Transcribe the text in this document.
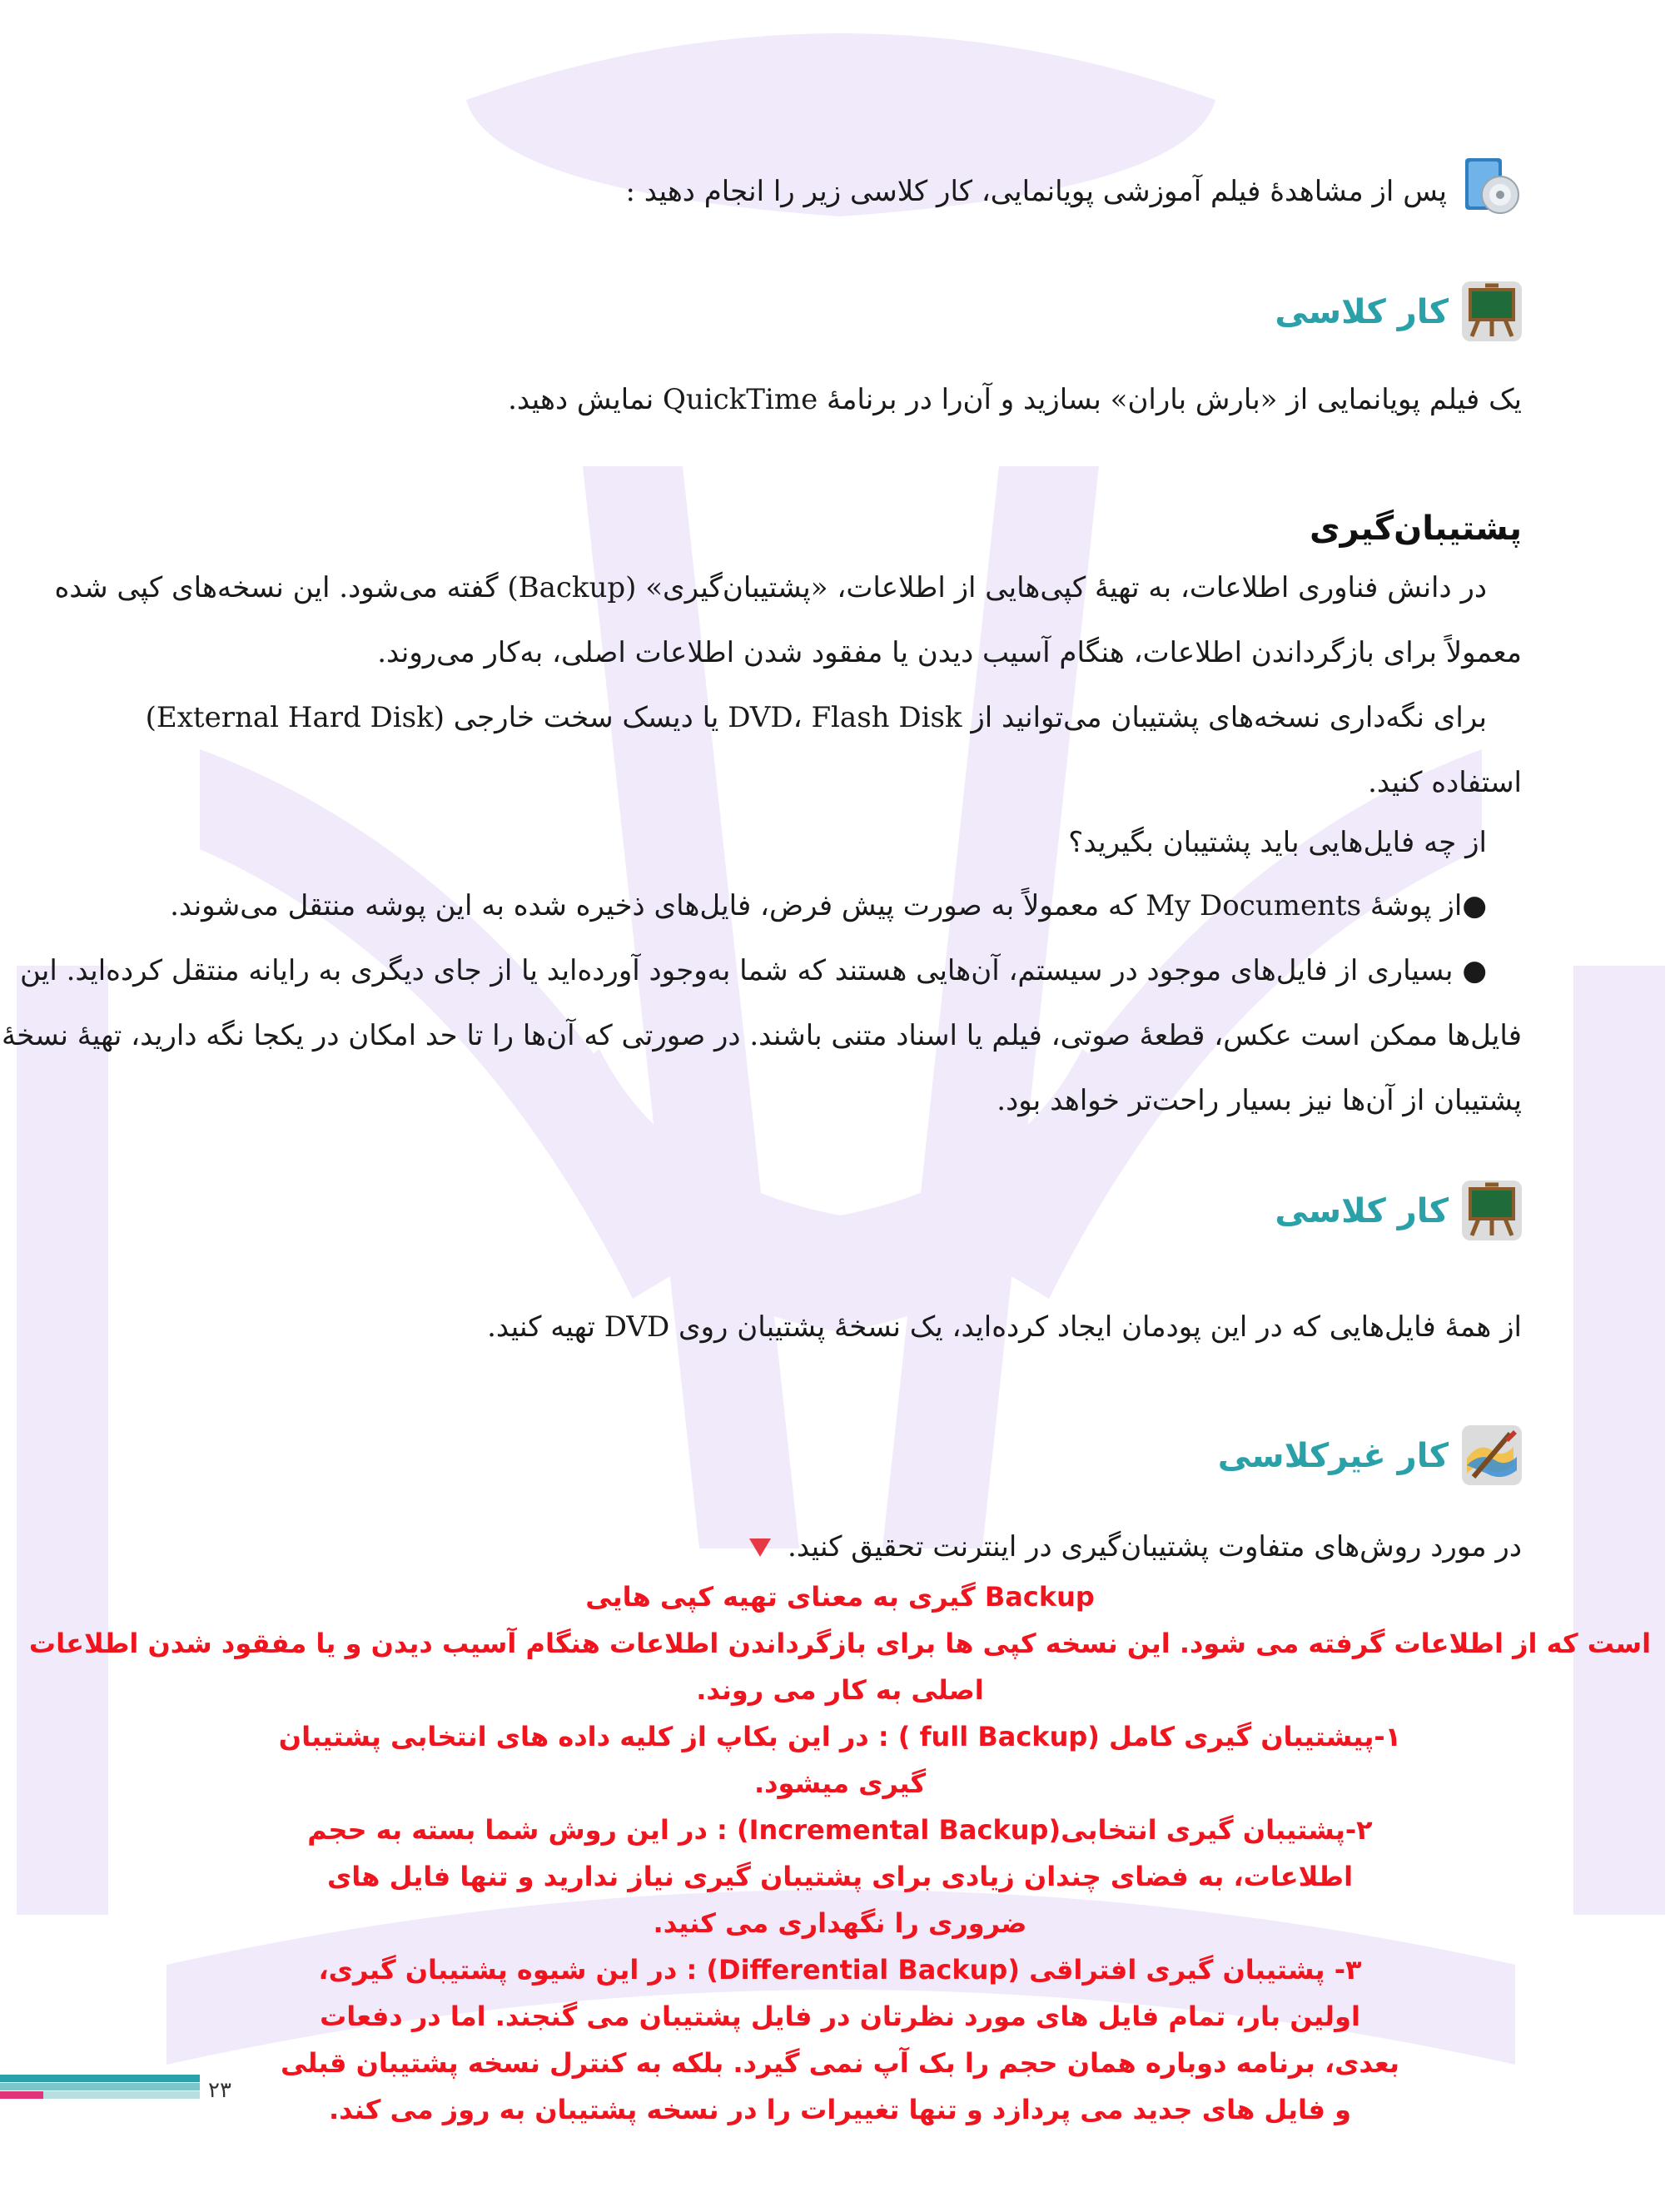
پس از مشاهدهٔ فیلم آموزشی پویانمایی، کار کلاسی زیر را انجام دهید :
کار کلاسی
یک فیلم پویانمایی از «بارش باران» بسازید و آن‌را در برنامهٔ QuickTime نمایش دهید.
پشتیبان‌گیری
در دانش فناوری اطلاعات، به تهیهٔ کپی‌هایی از اطلاعات، «پشتیبان‌گیری» (Backup) گفته می‌شود. این نسخه‌های کپی شده
معمولاً برای بازگرداندن اطلاعات، هنگام آسیب دیدن یا مفقود شدن اطلاعات اصلی، به‌کار می‌روند.
برای نگه‌داری نسخه‌های پشتیبان می‌توانید از DVD، Flash Disk یا دیسک سخت خارجی (External Hard Disk)
استفاده کنید.
از چه فایل‌هایی باید پشتیبان بگیرید؟
●از پوشهٔ My Documents که معمولاً به صورت پیش فرض، فایل‌های ذخیره شده به این پوشه منتقل می‌شوند.
● بسیاری از فایل‌های موجود در سیستم، آن‌هایی هستند که شما به‌وجود آورده‌اید یا از جای دیگری به رایانه منتقل کرده‌اید. این
فایل‌ها ممکن است عکس، قطعهٔ صوتی، فیلم یا اسناد متنی باشند. در صورتی که آن‌ها را تا حد امکان در یکجا نگه دارید، تهیهٔ نسخهٔ
پشتیبان از آن‌ها نیز بسیار راحت‌تر خواهد بود.
کار کلاسی
از همهٔ فایل‌هایی که در این پودمان ایجاد کرده‌اید، یک نسخهٔ پشتیبان روی DVD تهیه کنید.
کار غیرکلاسی
در مورد روش‌های متفاوت پشتیبان‌گیری در اینترنت تحقیق کنید.

Backup گیری به معنای تهیه کپی هایی

است که از اطلاعات گرفته می شود. این نسخه کپی ها برای بازگرداندن اطلاعات هنگام آسیب دیدن و یا مفقود شدن اطلاعات

اصلی به کار می روند.

۱-پیشتیبان گیری کامل (full Backup ) : در این بکاپ از کلیه داده های انتخابی پشتیبان

گیری میشود.

۲-پشتیبان گیری انتخابی(Incremental Backup) : در این روش شما بسته به حجم

اطلاعات، به فضای چندان زیادی برای پشتیبان گیری نیاز ندارید و تنها فایل های

ضروری را نگهداری می کنید.

۳- پشتیبان گیری افتراقی (Differential Backup) : در این شیوه پشتیبان گیری،

اولین بار، تمام فایل های مورد نظرتان در فایل پشتیبان می گنجند. اما در دفعات

بعدی، برنامه دوباره همان حجم را بک آپ نمی گیرد. بلکه به کنترل نسخه پشتیبان قبلی

و فایل های جدید می پردازد و تنها تغییرات را در نسخه پشتیبان به روز می کند.

۲۳
